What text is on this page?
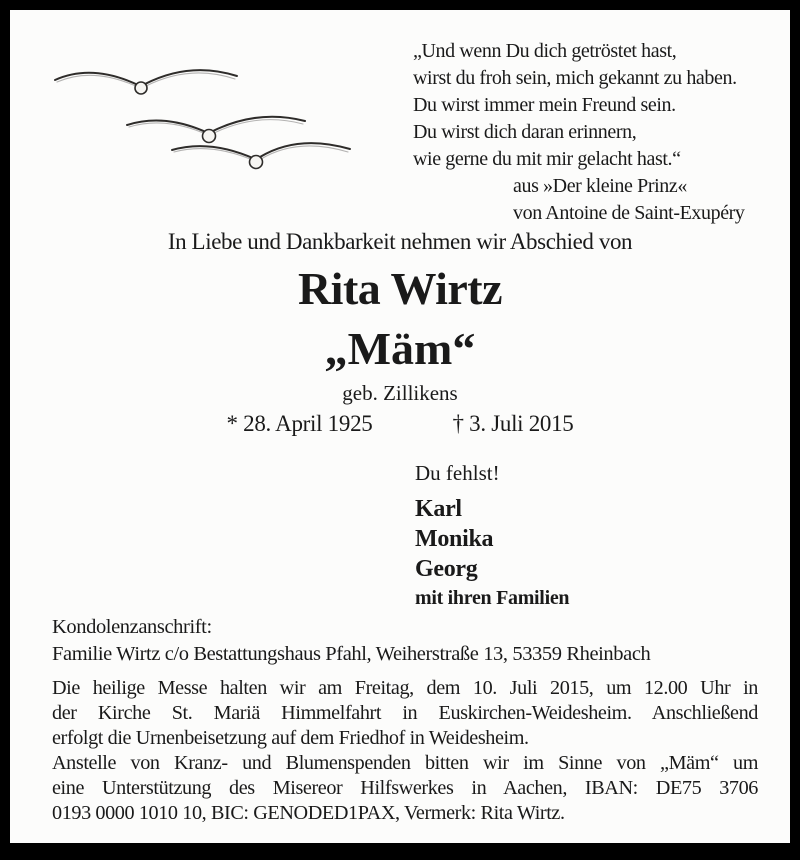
„Und wenn Du dich getröstet hast,
wirst du froh sein, mich gekannt zu haben.
Du wirst immer mein Freund sein.
Du wirst dich daran erinnern,
wie gerne du mit mir gelacht hast.“
aus »Der kleine Prinz«
von Antoine de Saint-Exupéry
In Liebe und Dankbarkeit nehmen wir Abschied von
Rita Wirtz
„Mäm“
geb. Zillikens
* 28. April 1925	† 3. Juli 2015
Du fehlst!
Karl
Monika
Georg
mit ihren Familien
Kondolenzanschrift:
Familie Wirtz c/o Bestattungshaus Pfahl, Weiherstraße 13, 53359 Rheinbach
Die heilige Messe halten wir am Freitag, dem 10. Juli 2015, um 12.00 Uhr in
der Kirche St. Mariä Himmelfahrt in Euskirchen-Weidesheim. Anschließend
erfolgt die Urnenbeisetzung auf dem Friedhof in Weidesheim.
Anstelle von Kranz- und Blumenspenden bitten wir im Sinne von „Mäm“ um
eine Unterstützung des Misereor Hilfswerkes in Aachen, IBAN: DE75 3706
0193 0000 1010 10, BIC: GENODED1PAX, Vermerk: Rita Wirtz.
